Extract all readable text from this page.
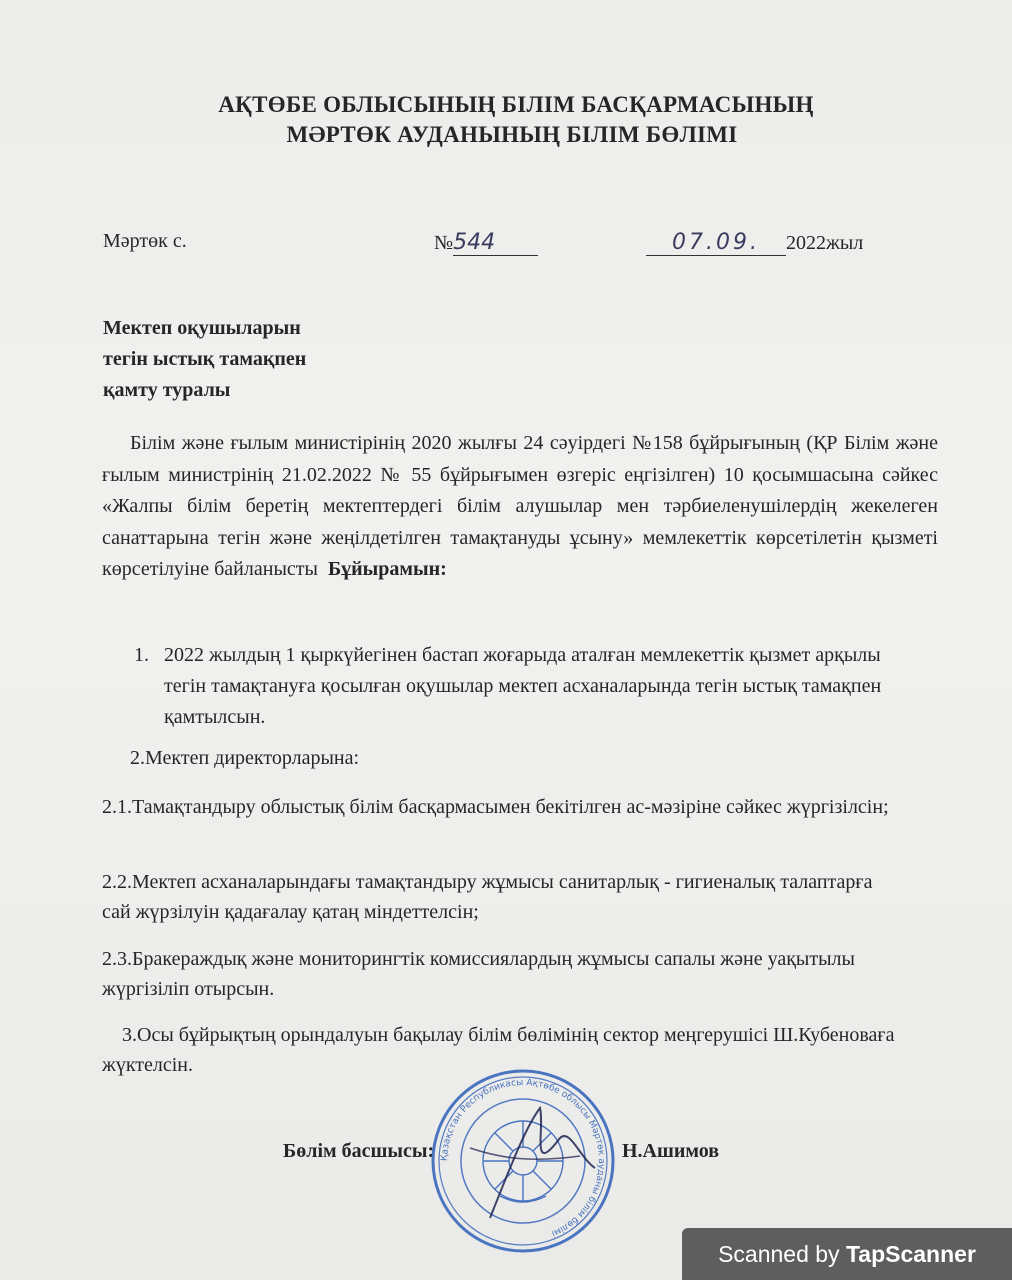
АҚТӨБЕ ОБЛЫСЫНЫҢ БІЛІМ БАСҚАРМАСЫНЫҢ
МӘРТӨК АУДАНЫНЫҢ БІЛІМ БӨЛІМІ
Мәртөк с.	№544	07.09. 2022жыл
Мектеп оқушыларын
тегін ыстық тамақпен
қамту туралы
Білім және ғылым министірінің 2020 жылғы 24 сәуірдегі №158 бұйрығының (ҚР Білім және ғылым министрінің 21.02.2022 № 55 бұйрығымен өзгеріс еңгізілген) 10 қосымшасына сәйкес «Жалпы білім беретің мектептердегі білім алушылар мен тәрбиеленушілердің жекелеген санаттарына тегін және жеңілдетілген тамақтануды ұсыну» мемлекеттік көрсетілетін қызметі көрсетілуіне байланысты Бұйырамын:
1. 2022 жылдың 1 қыркүйегінен бастап жоғарыда аталған мемлекеттік қызмет арқылы тегін тамақтануға қосылған оқушылар мектеп асханаларында тегін ыстық тамақпен қамтылсын.
2.Мектеп директорларына:
2.1.Тамақтандыру облыстық білім басқармасымен бекітілген ас-мәзіріне сәйкес жүргізілсін;
2.2.Мектеп асханаларындағы тамақтандыру жұмысы санитарлық - гигиеналық талаптарға сай жүрзілуін қадағалау қатаң міндеттелсін;
2.3.Бракераждық және мониторингтік комиссиялардың жұмысы сапалы және уақытылы жүргізіліп отырсын.
3.Осы бұйрықтың орындалуын бақылау білім бөлімінің сектор меңгерушісі Ш.Кубеноваға жүктелсін.
Бөлім басшысы:	Н.Ашимов
Қазақстан Республикасы Ақтөбе облысы Мәртөк ауданы білім бөлімі
Scanned by TapScanner
